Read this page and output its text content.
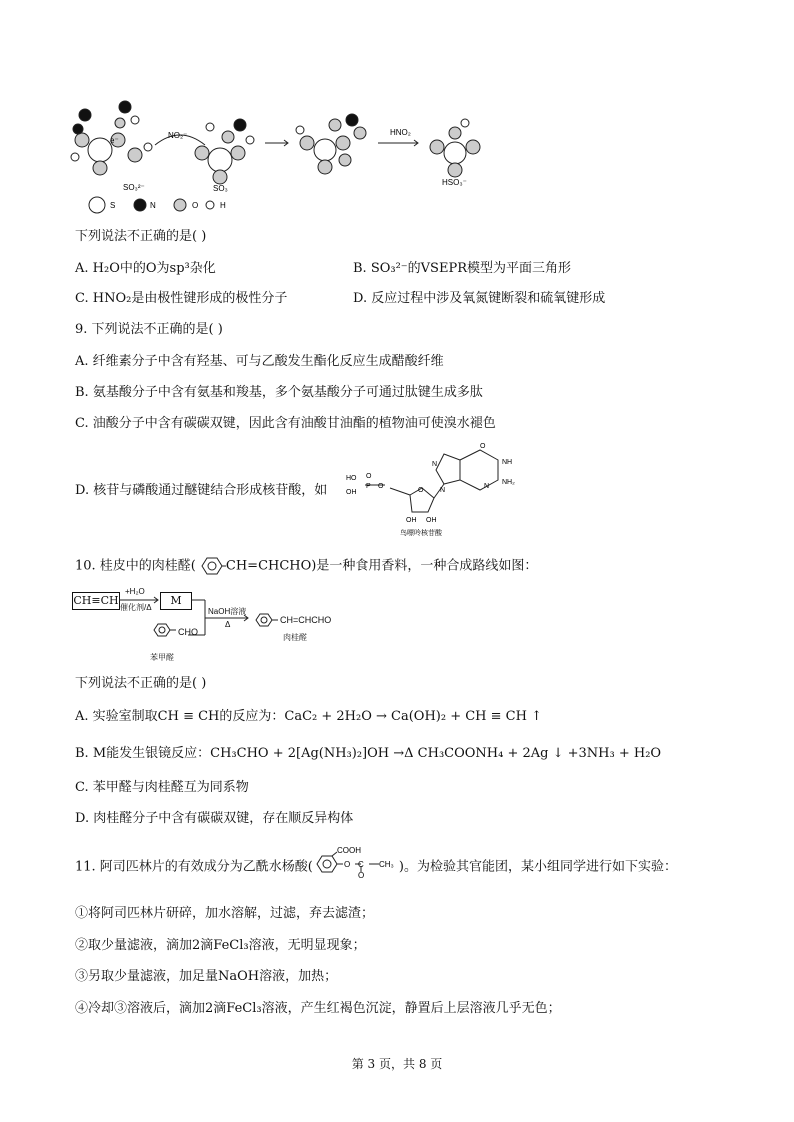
NO₂⁻
e⁻
HNO₂
SO₃²⁻	SO₃
HSO₃⁻
S	N	O	H
下列说法不正确的是( )
A. H₂O中的O为sp³杂化	B. SO₃²⁻的VSEPR模型为平面三角形
C. HNO₂是由极性键形成的极性分子	D. 反应过程中涉及氧氮键断裂和硫氧键形成
9. 下列说法不正确的是( )
A. 纤维素分子中含有羟基、可与乙酸发生酯化反应生成醋酸纤维
B. 氨基酸分子中含有氨基和羧基，多个氨基酸分子可通过肽键生成多肽
C. 油酸分子中含有碳碳双键，因此含有油酸甘油酯的植物油可使溴水褪色
D. 核苷与磷酸通过醚键结合形成核苷酸，如
HO O
P
OH
O
O
OH OH
O
NH
NH₂
N
N
N
鸟嘌呤核苷酸
10. 桂皮中的肉桂醛( CH=CHCHO)是一种食用香料，一种合成路线如图：
CH≡CH
+H₂O
催化剂/Δ
M
NaOH溶液
Δ	CH=CHCHO
肉桂醛
CHO
苯甲醛
下列说法不正确的是( )
A. 实验室制取CH ≡ CH的反应为：CaC₂ + 2H₂O → Ca(OH)₂ + CH ≡ CH ↑
B. M能发生银镜反应：CH₃CHO + 2[Ag(NH₃)₂]OH →Δ CH₃COONH₄ + 2Ag ↓ +3NH₃ + H₂O
C. 苯甲醛与肉桂醛互为同系物
D. 肉桂醛分子中含有碳碳双键，存在顺反异构体
11. 阿司匹林片的有效成分为乙酰水杨酸(
COOH
O C
O
CH₃ )。为检验其官能团，某小组同学进行如下实验：
①将阿司匹林片研碎，加水溶解，过滤，弃去滤渣；
②取少量滤液，滴加2滴FeCl₃溶液，无明显现象；
③另取少量滤液，加足量NaOH溶液，加热；
④冷却③溶液后，滴加2滴FeCl₃溶液，产生红褐色沉淀，静置后上层溶液几乎无色；
第 3 页，共 8 页
